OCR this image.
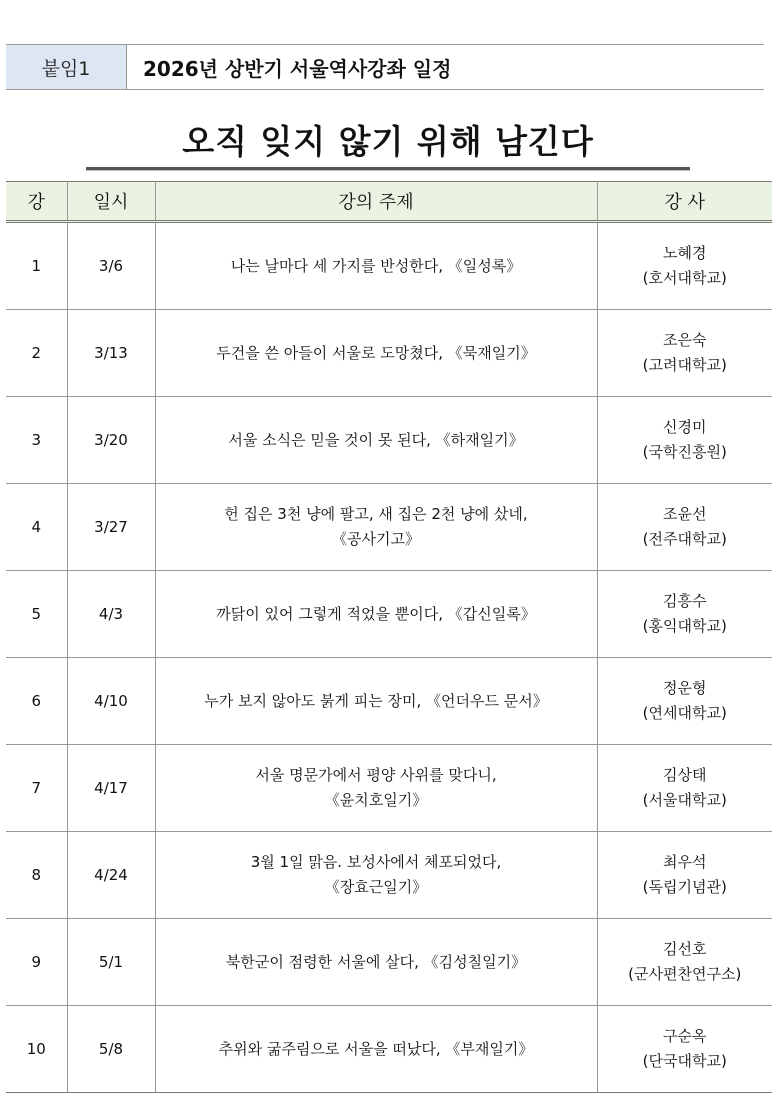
붙임1	2026년 상반기 서울역사강좌 일정
오직 잊지 않기 위해 남긴다
강	일시	강의 주제	강 사
1	3/6	나는 날마다 세 가지를 반성한다, 《일성록》	노혜경
(호서대학교)

2	3/13	두건을 쓴 아들이 서울로 도망쳤다, 《묵재일기》	조은숙
(고려대학교)

3	3/20	서울 소식은 믿을 것이 못 된다, 《하재일기》	신경미
(국학진흥원)

4	3/27	헌 집은 3천 냥에 팔고, 새 집은 2천 냥에 샀네,
《공사기고》	조윤선
(전주대학교)

5	4/3	까닭이 있어 그렇게 적었을 뿐이다, 《갑신일록》	김흥수
(홍익대학교)

6	4/10	누가 보지 않아도 붉게 피는 장미, 《언더우드 문서》	정운형
(연세대학교)

7	4/17	서울 명문가에서 평양 사위를 맞다니,
《윤치호일기》	김상태
(서울대학교)

8	4/24	3월 1일 맑음. 보성사에서 체포되었다,
《장효근일기》	최우석
(독립기념관)

9	5/1	북한군이 점령한 서울에 살다, 《김성칠일기》	김선호
(군사편찬연구소)

10	5/8	추위와 굶주림으로 서울을 떠났다, 《부재일기》	구순옥
(단국대학교)
